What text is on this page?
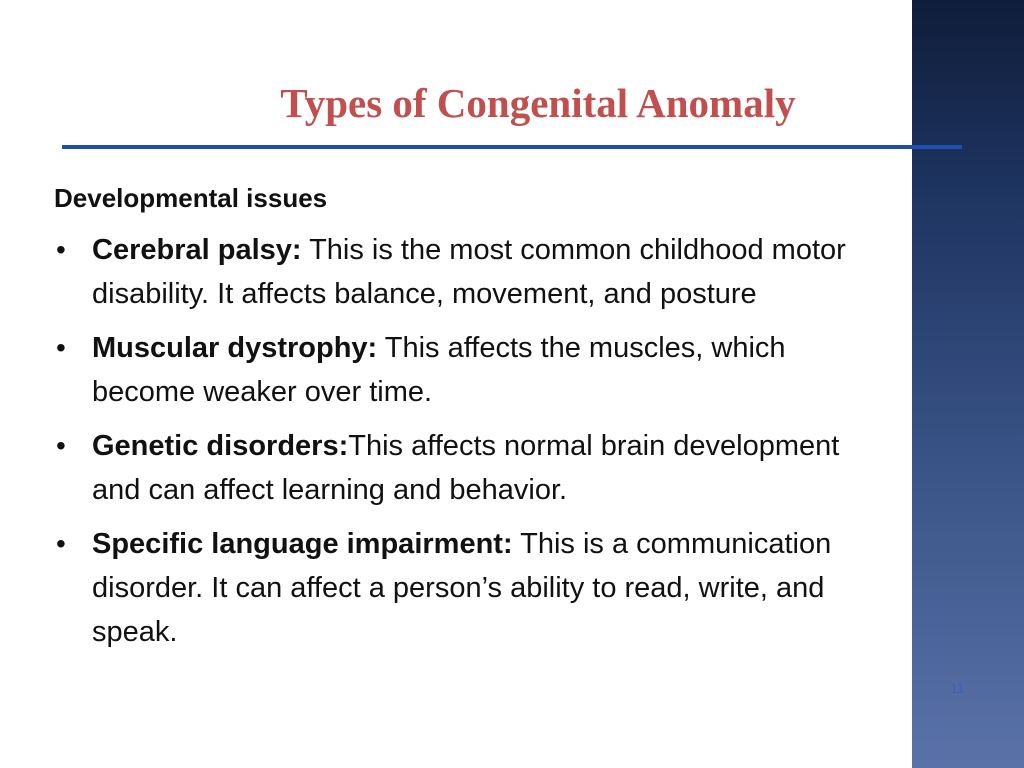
Types of Congenital Anomaly
Developmental issues
• Cerebral palsy: This is the most common childhood motor disability. It affects balance, movement, and posture
• Muscular dystrophy: This affects the muscles, which become weaker over time.
• Genetic disorders:This affects normal brain development and can affect learning and behavior.
• Specific language impairment: This is a communication disorder. It can affect a person’s ability to read, write, and speak.
11
